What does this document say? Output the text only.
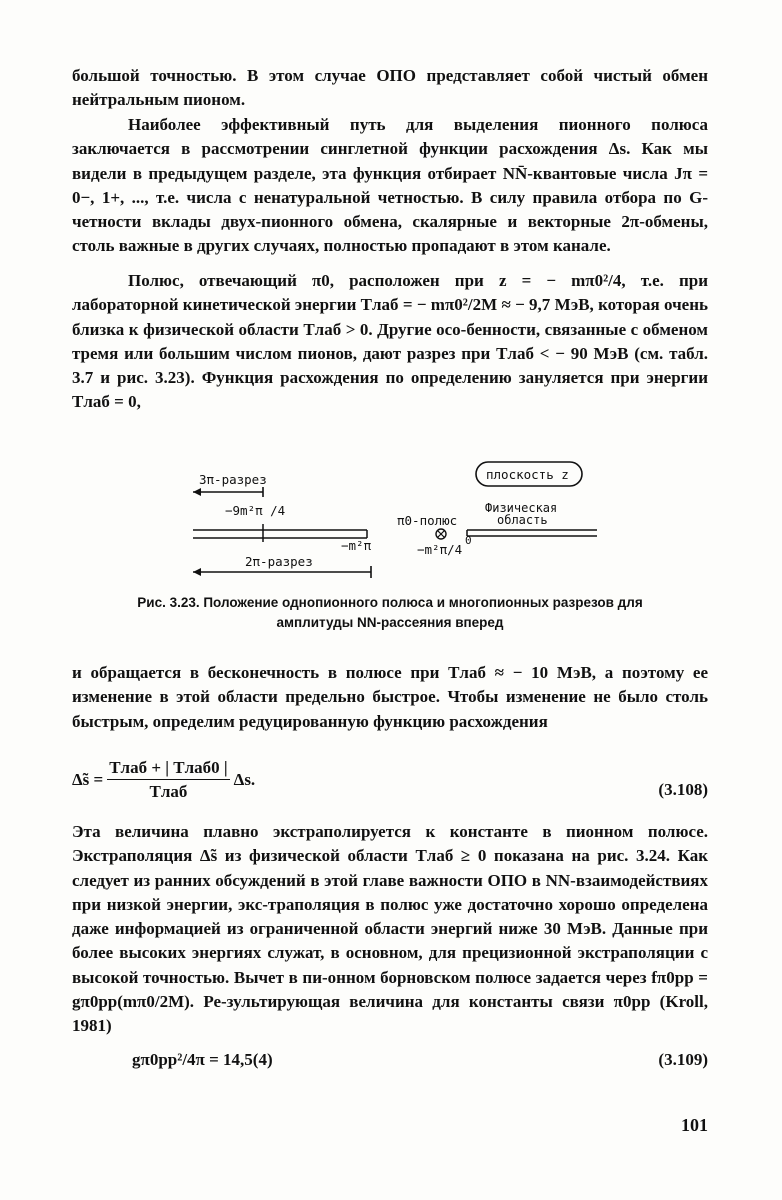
большой точностью. В этом случае ОПО представляет собой чистый обмен нейтральным пионом.

Наиболее эффективный путь для выделения пионного полюса заключается в рассмотрении синглетной функции расхождения Δs. Как мы видели в предыдущем разделе, эта функция отбирает NN̄-квантовые числа Jπ = 0−, 1+, ..., т.е. числа с ненатуральной четностью. В силу правила отбора по G-четности вклады двух-пионного обмена, скалярные и векторные 2π-обмены, столь важные в других случаях, полностью пропадают в этом канале.

Полюс, отвечающий π0, расположен при z = − mπ0²/4, т.е. при лабораторной кинетической энергии Tлаб = − mπ0²/2M ≈ − 9,7 МэВ, которая очень близка к физической области Tлаб > 0. Другие осо-бенности, связанные с обменом тремя или большим числом пионов, дают разрез при Tлаб < − 90 МэВ (см. табл. 3.7 и рис. 3.23). Функция расхождения по определению зануляется при энергии Tлаб = 0,

3π-разрез
−9m²π /4
−m²π
2π-разрез
π0-полюс
−m²π/4
0
Физическая
область
плоскость z
Рис. 3.23. Положение однопионного полюса и многопионных разрезов для
амплитуды NN-рассеяния вперед

и обращается в бесконечность в полюсе при Tлаб ≈ − 10 МэВ, а поэтому ее изменение в этой области предельно быстрое. Чтобы изменение не было столь быстрым, определим редуцированную функцию расхождения

Δ̃s = $\frac{\text{Tлаб + | Tлаб0 |}}{\text{Tлаб}} \Delta s$.
(3.108)

Эта величина плавно экстраполируется к константе в пионном полюсе. Экстраполяция Δ̃s из физической области Tлаб ≥ 0 показана на рис. 3.24. Как следует из ранних обсуждений в этой главе важности ОПО в NN-взаимодействиях при низкой энергии, экс-траполяция в полюс уже достаточно хорошо определена даже информацией из ограниченной области энергий ниже 30 МэВ. Данные при более высоких энергиях служат, в основном, для прецизионной экстраполяции с высокой точностью. Вычет в пи-онном борновском полюсе задается через fπ0pp = gπ0pp(mπ0/2M). Ре-зультирующая величина для константы связи π0pp (Kroll, 1981)

gπ0pp²/4π = 14,5(4)	(3.109)
101
